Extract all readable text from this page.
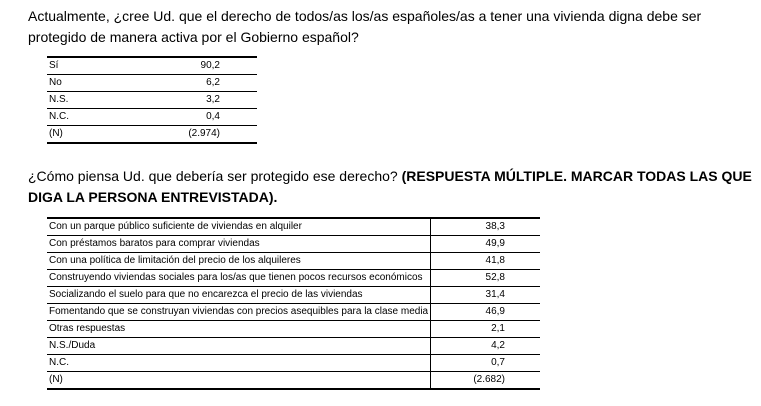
Actualmente, ¿cree Ud. que el derecho de todos/as los/as españoles/as a tener una vivienda digna debe ser protegido de manera activa por el Gobierno español?

Sí	90,2
No	6,2
N.S.	3,2
N.C.	0,4
(N)	(2.974)

¿Cómo piensa Ud. que debería ser protegido ese derecho? (RESPUESTA MÚLTIPLE. MARCAR TODAS LAS QUE DIGA LA PERSONA ENTREVISTADA).

Con un parque público suficiente de viviendas en alquiler	38,3
Con préstamos baratos para comprar viviendas	49,9
Con una política de limitación del precio de los alquileres	41,8
Construyendo viviendas sociales para los/as que tienen pocos recursos económicos	52,8
Socializando el suelo para que no encarezca el precio de las viviendas	31,4
Fomentando que se construyan viviendas con precios asequibles para la clase media	46,9
Otras respuestas	2,1
N.S./Duda	4,2
N.C.	0,7
(N)	(2.682)
